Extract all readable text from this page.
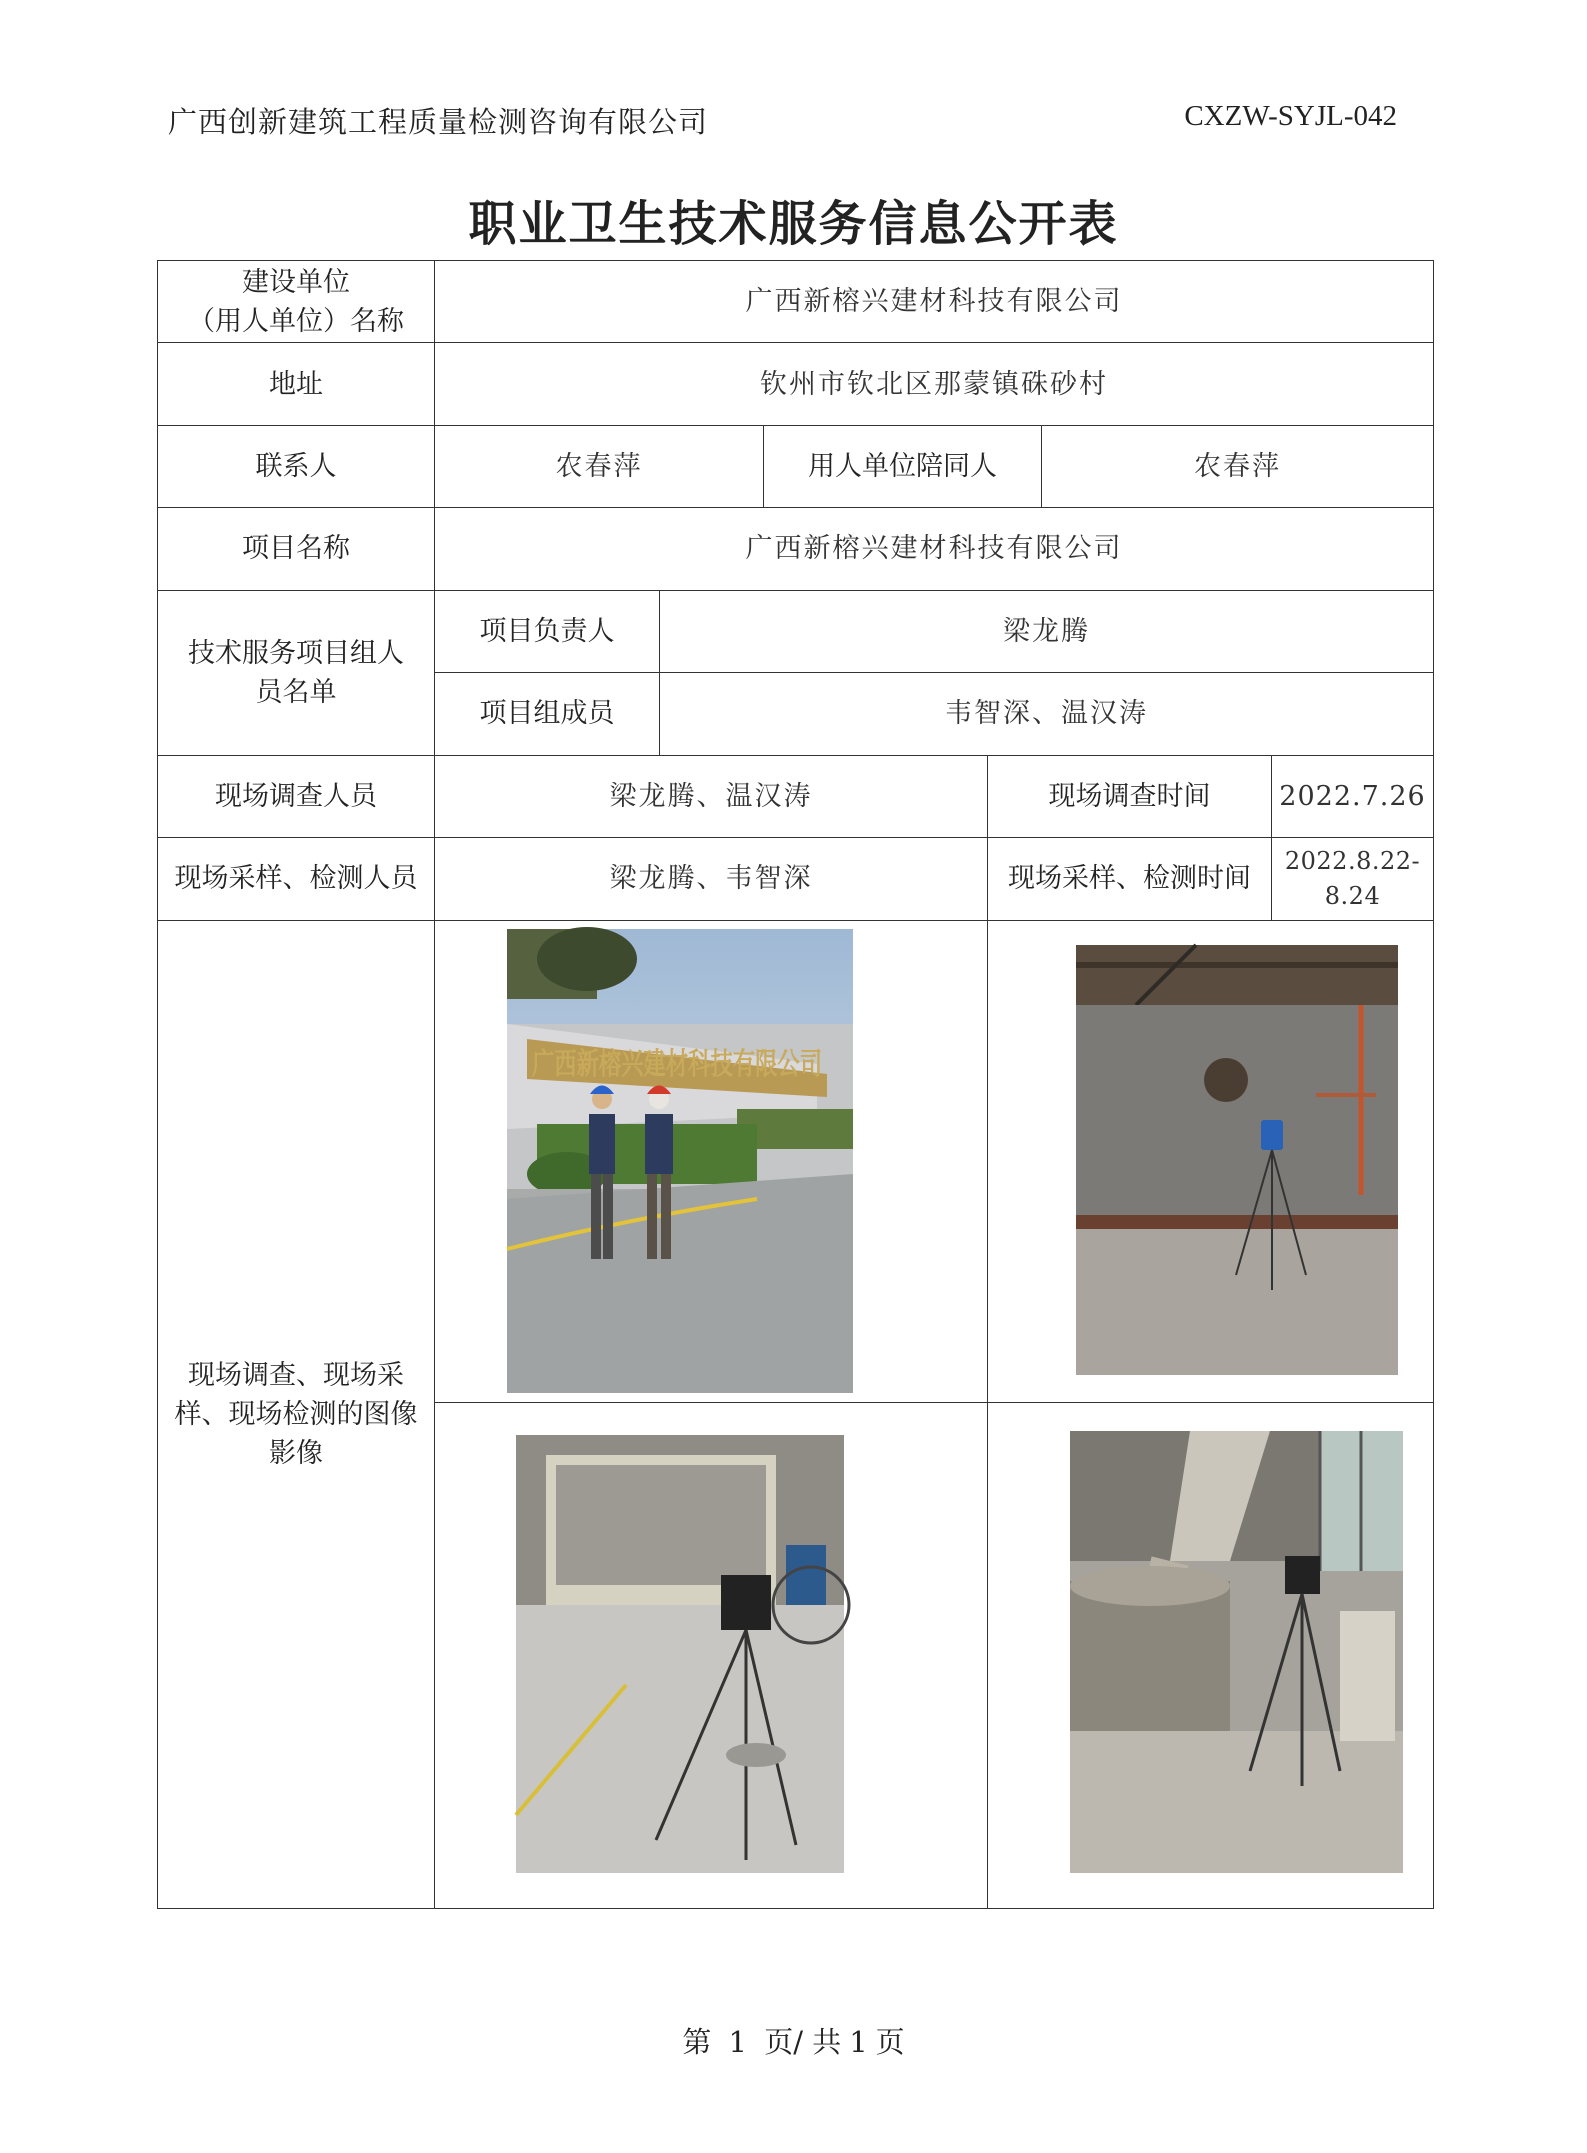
广西创新建筑工程质量检测咨询有限公司	CXZW-SYJL-042
职业卫生技术服务信息公开表
建设单位
（用人单位）名称	广西新榕兴建材科技有限公司					
地址	钦州市钦北区那蒙镇硃砂村					
联系人	农春萍		用人单位陪同人		农春萍	
项目名称	广西新榕兴建材科技有限公司					
技术服务项目组人员名单	项目负责人	梁龙腾				
	项目组成员	韦智深、温汉涛				
现场调查人员	梁龙腾、温汉涛			现场调查时间		2022.7.26
现场采样、检测人员	梁龙腾、韦智深			现场采样、检测时间		2022.8.22-8.24
现场调查、现场采样、现场检测的图像影像	广西新榕兴建材科技有限公司

第 1 页/ 共 1 页
